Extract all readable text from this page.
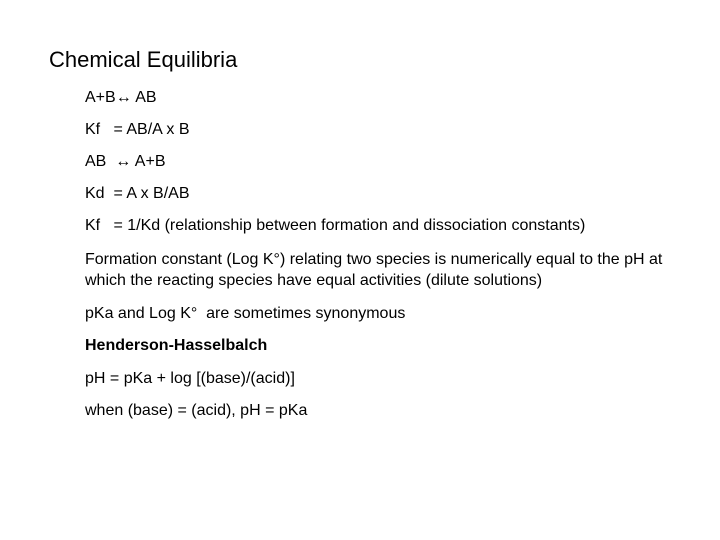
Chemical Equilibria
A+B↔ AB
Kf   = AB/A x B
AB  ↔ A+B
Kd  = A x B/AB
Kf   = 1/Kd (relationship between formation and dissociation constants)
Formation constant (Log K°) relating two species is numerically equal to the pH at which the reacting species have equal activities (dilute solutions)
pKa and Log K°  are sometimes synonymous
Henderson-Hasselbalch
pH = pKa + log [(base)/(acid)]
when (base) = (acid), pH = pKa
